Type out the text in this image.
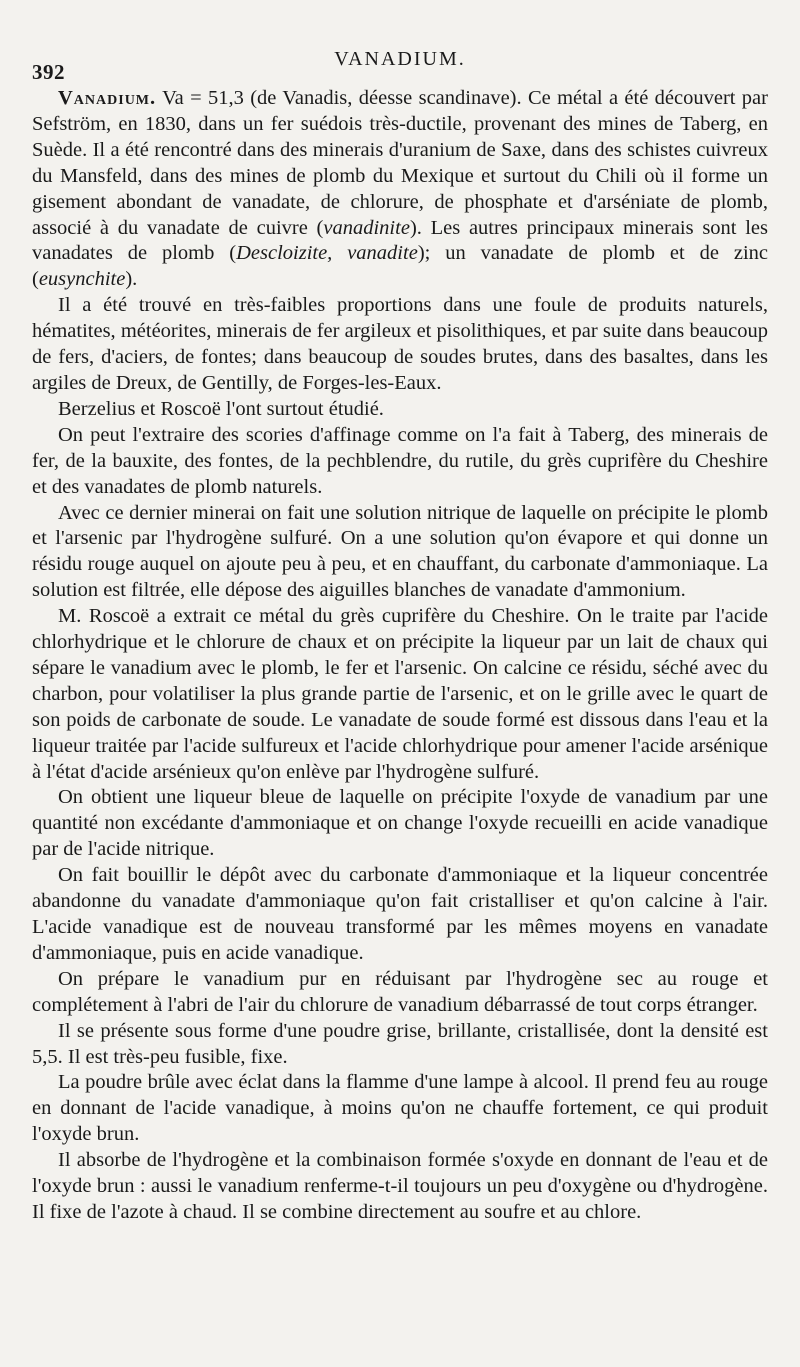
392
VANADIUM.

Vanadium. Va = 51,3 (de Vanadis, déesse scandinave). Ce métal a été découvert par Sefström, en 1830, dans un fer suédois très-ductile, provenant des mines de Taberg, en Suède. Il a été rencontré dans des minerais d'uranium de Saxe, dans des schistes cuivreux du Mansfeld, dans des mines de plomb du Mexique et surtout du Chili où il forme un gisement abondant de vanadate, de chlorure, de phosphate et d'arséniate de plomb, associé à du vanadate de cuivre (vanadinite). Les autres principaux minerais sont les vanadates de plomb (Descloizite, vanadite); un vanadate de plomb et de zinc (eusynchite).

Il a été trouvé en très-faibles proportions dans une foule de produits naturels, hématites, météorites, minerais de fer argileux et pisolithiques, et par suite dans beaucoup de fers, d'aciers, de fontes; dans beaucoup de soudes brutes, dans des basaltes, dans les argiles de Dreux, de Gentilly, de Forges-les-Eaux.

Berzelius et Roscoë l'ont surtout étudié.

On peut l'extraire des scories d'affinage comme on l'a fait à Taberg, des minerais de fer, de la bauxite, des fontes, de la pechblendre, du rutile, du grès cuprifère du Cheshire et des vanadates de plomb naturels.

Avec ce dernier minerai on fait une solution nitrique de laquelle on précipite le plomb et l'arsenic par l'hydrogène sulfuré. On a une solution qu'on évapore et qui donne un résidu rouge auquel on ajoute peu à peu, et en chauffant, du carbonate d'ammoniaque. La solution est filtrée, elle dépose des aiguilles blanches de vanadate d'ammonium.

M. Roscoë a extrait ce métal du grès cuprifère du Cheshire. On le traite par l'acide chlorhydrique et le chlorure de chaux et on précipite la liqueur par un lait de chaux qui sépare le vanadium avec le plomb, le fer et l'arsenic. On calcine ce résidu, séché avec du charbon, pour volatiliser la plus grande partie de l'arsenic, et on le grille avec le quart de son poids de carbonate de soude. Le vanadate de soude formé est dissous dans l'eau et la liqueur traitée par l'acide sulfureux et l'acide chlorhydrique pour amener l'acide arsénique à l'état d'acide arsénieux qu'on enlève par l'hydrogène sulfuré.

On obtient une liqueur bleue de laquelle on précipite l'oxyde de vanadium par une quantité non excédante d'ammoniaque et on change l'oxyde recueilli en acide vanadique par de l'acide nitrique.

On fait bouillir le dépôt avec du carbonate d'ammoniaque et la liqueur concentrée abandonne du vanadate d'ammoniaque qu'on fait cristalliser et qu'on calcine à l'air. L'acide vanadique est de nouveau transformé par les mêmes moyens en vanadate d'ammoniaque, puis en acide vanadique.

On prépare le vanadium pur en réduisant par l'hydrogène sec au rouge et complétement à l'abri de l'air du chlorure de vanadium débarrassé de tout corps étranger.

Il se présente sous forme d'une poudre grise, brillante, cristallisée, dont la densité est 5,5. Il est très-peu fusible, fixe.

La poudre brûle avec éclat dans la flamme d'une lampe à alcool. Il prend feu au rouge en donnant de l'acide vanadique, à moins qu'on ne chauffe fortement, ce qui produit l'oxyde brun.

Il absorbe de l'hydrogène et la combinaison formée s'oxyde en donnant de l'eau et de l'oxyde brun : aussi le vanadium renferme-t-il toujours un peu d'oxygène ou d'hydrogène. Il fixe de l'azote à chaud. Il se combine directement au soufre et au chlore.
